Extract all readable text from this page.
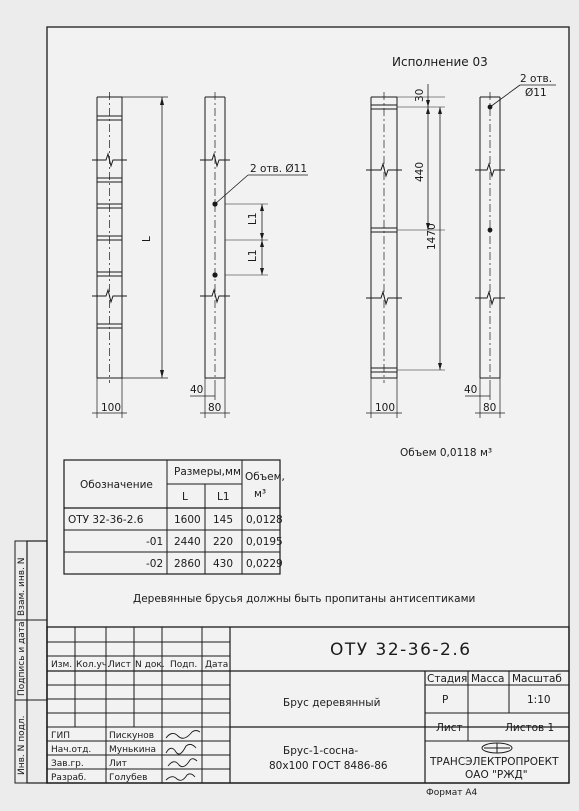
L
100
2 отв. Ø11
L1
L1
40
80
Исполнение 03
30
440
1470
100
2 отв.
Ø11
40
80
Объем 0,0118 м³
Обозначение
Размеры,мм
L	L1
Объем, м³
ОТУ 32-36-2.6	1600 145 0,0128
-01 2440 220 0,0195
-02 2860 430 0,0229
Деревянные брусья должны быть пропитаны антисептиками
Взам. инв. N
Подпись и дата
Инв. N подл.
ОТУ 32-36-2.6
Изм. Кол.уч.
Лист N док. Подп. Дата
ГИП	Пискунов
Нач.отд. Мунькина
Зав.гр.	Лит
Разраб.	Голубев
Брус деревянный
Стадия Масса Масштаб
Р	1:10
Лист	Листов 1
Брус-1-сосна-
80х100 ГОСТ 8486-86	ТРАНСЭЛЕКТРОПРОЕКТ
ОАО "РЖД"
Формат А4
